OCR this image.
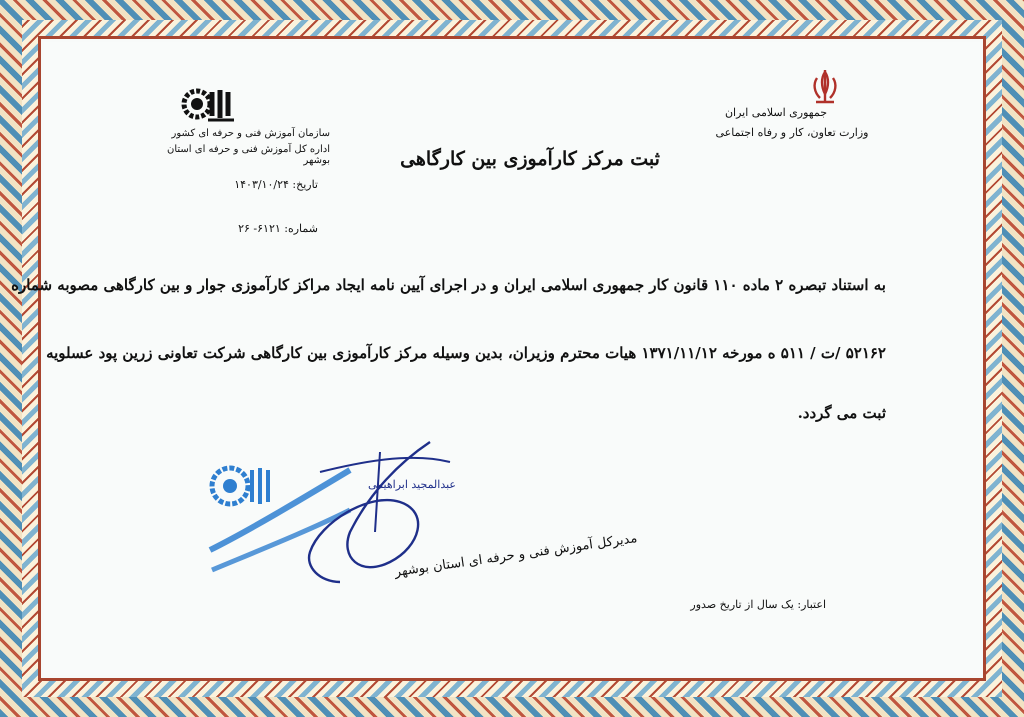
جمهوری اسلامی ایران
وزارت تعاون، کار و رفاه اجتماعی
سازمان آموزش فنی و حرفه ای کشور
اداره کل آموزش فنی و حرفه ای استان بوشهر
تاریخ: ۱۴۰۳/۱۰/۲۴
شماره: ۶۱۲۱- ۲۶
ثبت مرکز کارآموزی بین کارگاهی
به استناد تبصره ۲ ماده ۱۱۰ قانون کار جمهوری اسلامی ایران و در اجرای آیین نامه ایجاد مراکز کارآموزی جوار و بین کارگاهی مصوبه شماره
۵۲۱۶۲ /ت / ۵۱۱ ه مورخه ۱۳۷۱/۱۱/۱۲ هیات محترم وزیران، بدین وسیله مرکز کارآموزی بین کارگاهی شرکت تعاونی زرین پود عسلویه
ثبت می گردد.
عبدالمجید ابراهیمی
مدیرکل آموزش فنی و حرفه ای استان بوشهر
اعتبار: یک سال از تاریخ صدور
